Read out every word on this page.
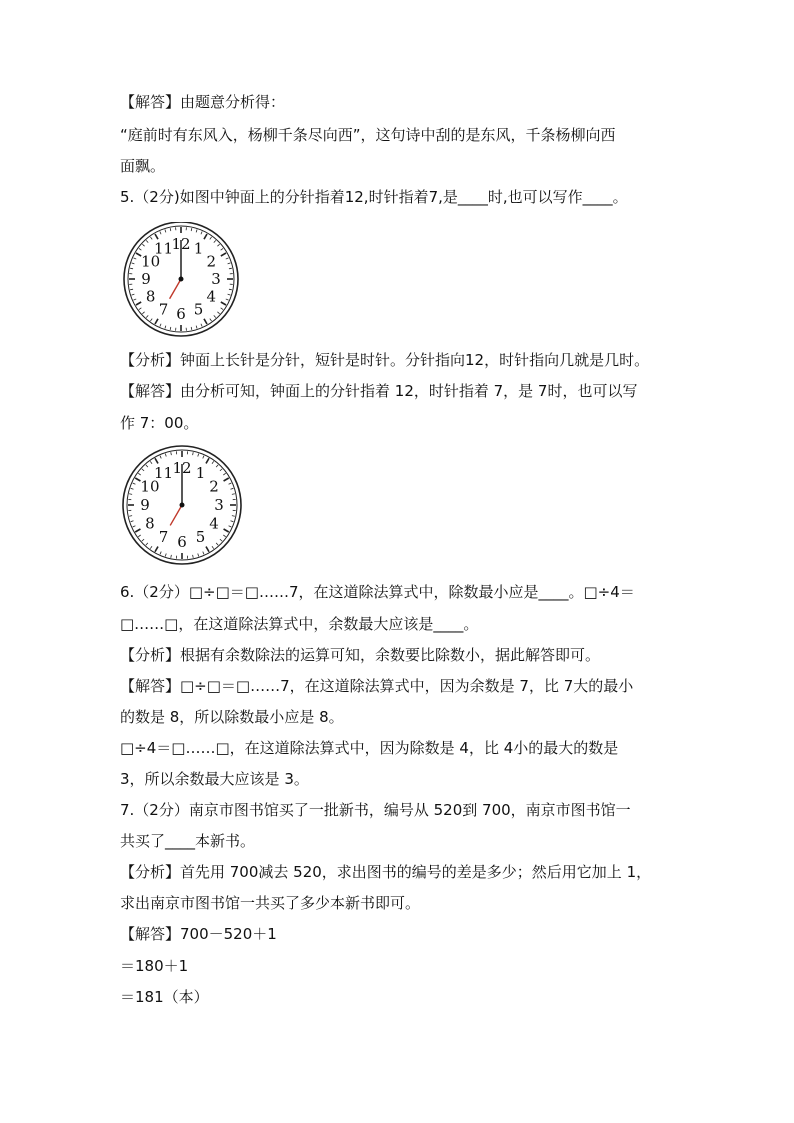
【解答】由题意分析得：
“庭前时有东风入，杨柳千条尽向西”，这句诗中刮的是东风，千条杨柳向西
面飘。
5.（2分)如图中钟面上的分针指着12,时针指着7,是____时,也可以写作____。
12 1
2
3
4
5
6
7
8
9
10
11
【分析】钟面上长针是分针，短针是时针。分针指向12，时针指向几就是几时。
【解答】由分析可知，钟面上的分针指着 12，时针指着 7，是 7时，也可以写
作 7：00。
12 1
2
3
4
5
6
7
8
9
10
11
6.（2分）□÷□＝□……7，在这道除法算式中，除数最小应是____。□÷4＝
□……□，在这道除法算式中，余数最大应该是____。
【分析】根据有余数除法的运算可知，余数要比除数小，据此解答即可。
【解答】□÷□＝□……7，在这道除法算式中，因为余数是 7，比 7大的最小
的数是 8，所以除数最小应是 8。
□÷4＝□……□，在这道除法算式中，因为除数是 4，比 4小的最大的数是
3，所以余数最大应该是 3。
7.（2分）南京市图书馆买了一批新书，编号从 520到 700，南京市图书馆一
共买了____本新书。
【分析】首先用 700减去 520，求出图书的编号的差是多少；然后用它加上 1，
求出南京市图书馆一共买了多少本新书即可。
【解答】700－520＋1
＝180＋1
＝181（本）
